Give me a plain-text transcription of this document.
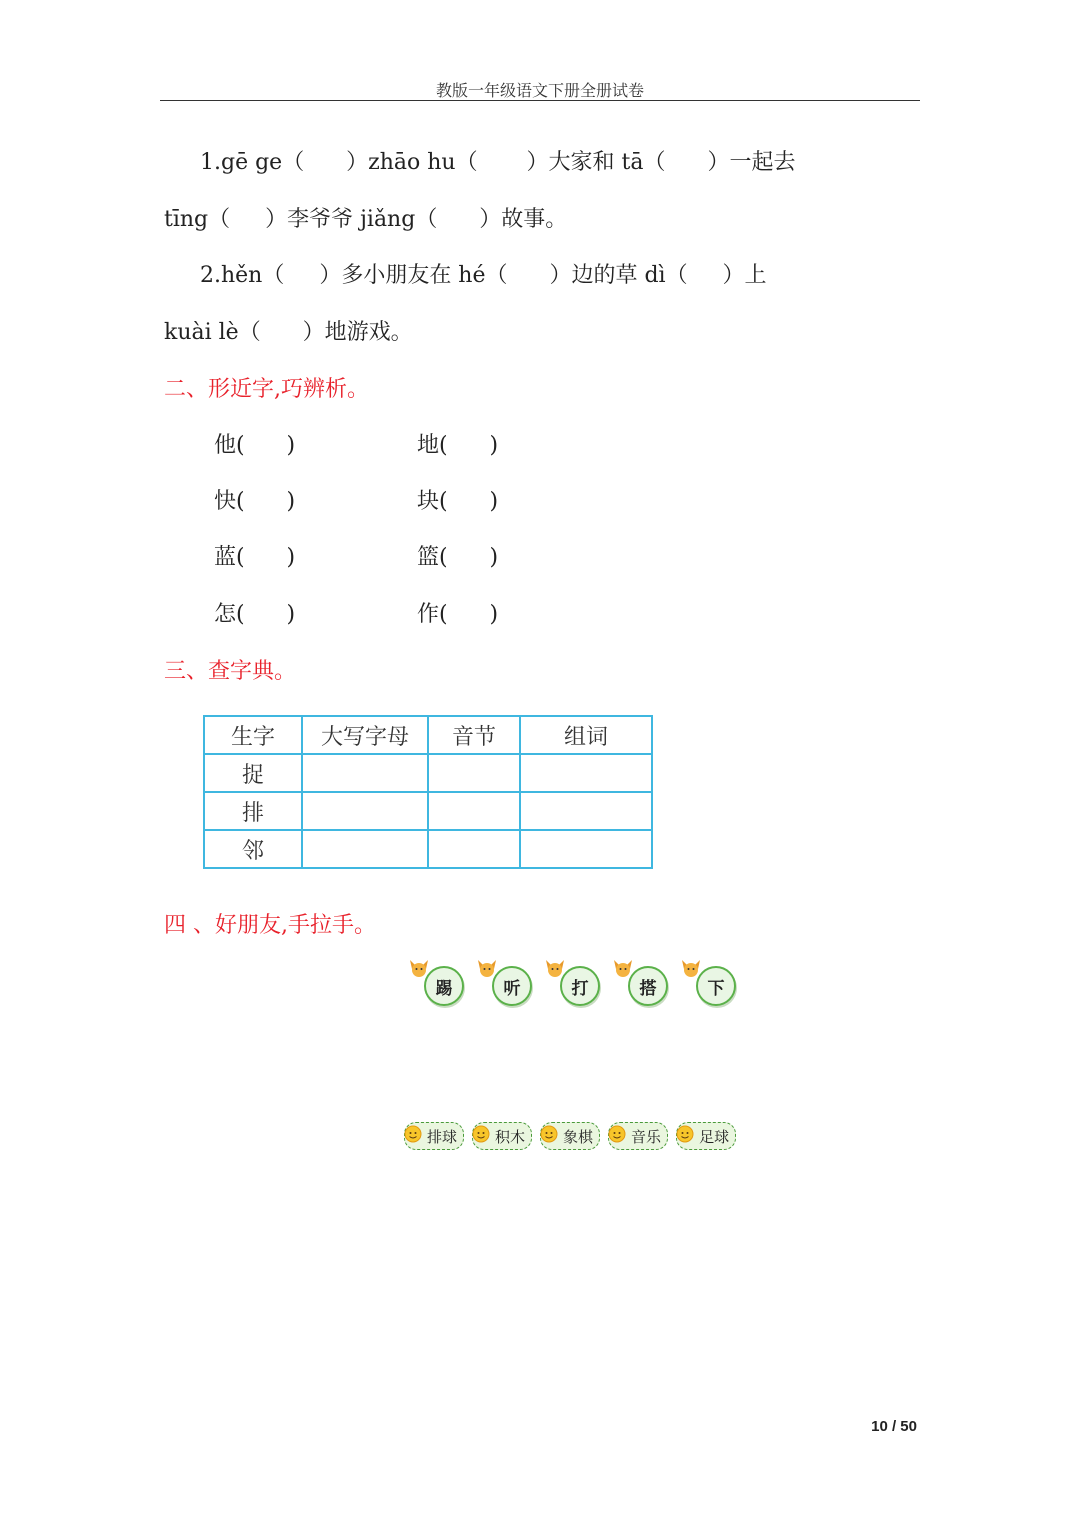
教版一年级语文下册全册试卷
1.gē ge（      ）zhāo hu（       ）大家和 tā（      ）一起去
tīng（     ）李爷爷 jiǎng（      ）故事。
2.hěn（     ）多小朋友在 hé（      ）边的草 dì（     ）上
kuài lè（      ）地游戏。
二、形近字,巧辨析。
他(      )	地(      )
快(      )	块(      )
蓝(      )	篮(      )
怎(      )	作(      )
三、查字典。
生字	大写字母	音节	组词
捉			
排			
邻			
四 、好朋友,手拉手。
踢	听	打	搭	下
排球	积木	象棋	音乐	足球
10 / 50
